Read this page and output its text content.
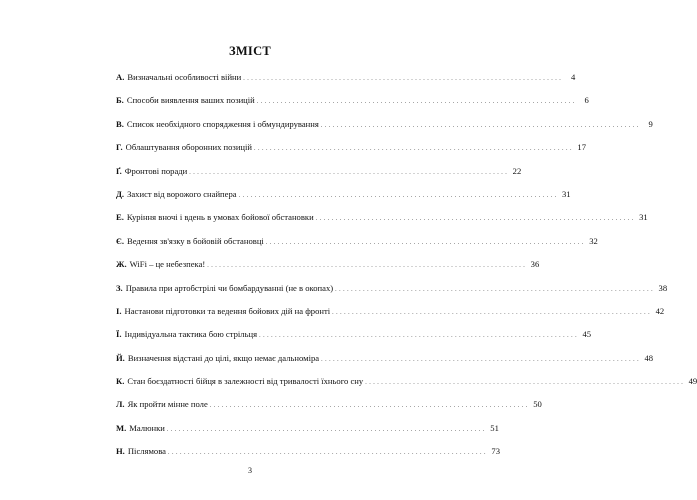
ЗМІСТ
А. Визначальні особливості війни . . . . . . . . . . . . . . . . . . . . . . . . . . . . . . . . . . . . . . . . . . . . . . . . . . . . . . . . . . . . . . . . . . . . . . . . . . . . . . . .	4
Б. Способи виявлення ваших позицій . . . . . . . . . . . . . . . . . . . . . . . . . . . . . . . . . . . . . . . . . . . . . . . . . . . . . . . . . . . . . . . . . . . . . . . . . . . . . . . .	6
В. Список необхідного спорядження і обмундирування . . . . . . . . . . . . . . . . . . . . . . . . . . . . . . . . . . . . . . . . . . . . . . . . . . . . . . . . . . . . . . . . . . . . . . . . . . . . . . . .	9
Г. Облаштування оборонних позицій . . . . . . . . . . . . . . . . . . . . . . . . . . . . . . . . . . . . . . . . . . . . . . . . . . . . . . . . . . . . . . . . . . . . . . . . . . . . . . . . 17
Ґ. Фронтові поради . . . . . . . . . . . . . . . . . . . . . . . . . . . . . . . . . . . . . . . . . . . . . . . . . . . . . . . . . . . . . . . . . . . . . . . . . . . . . . . . 22
Д. Захист від ворожого снайпера . . . . . . . . . . . . . . . . . . . . . . . . . . . . . . . . . . . . . . . . . . . . . . . . . . . . . . . . . . . . . . . . . . . . . . . . . . . . . . . . 31
Е. Куріння вночі і вдень в умовах бойової обстановки . . . . . . . . . . . . . . . . . . . . . . . . . . . . . . . . . . . . . . . . . . . . . . . . . . . . . . . . . . . . . . . . . . . . . . . . . . . . . . . . 31
Є. Ведення зв'язку в бойовій обстановці . . . . . . . . . . . . . . . . . . . . . . . . . . . . . . . . . . . . . . . . . . . . . . . . . . . . . . . . . . . . . . . . . . . . . . . . . . . . . . . . 32
Ж. WiFi – це небезпека! . . . . . . . . . . . . . . . . . . . . . . . . . . . . . . . . . . . . . . . . . . . . . . . . . . . . . . . . . . . . . . . . . . . . . . . . . . . . . . . . 36
З. Правила при артобстрілі чи бомбардуванні (не в окопах) . . . . . . . . . . . . . . . . . . . . . . . . . . . . . . . . . . . . . . . . . . . . . . . . . . . . . . . . . . . . . . . . . . . . . . . . . . . . . . . . 38
І. Настанови підготовки та ведення бойових дій на фронті . . . . . . . . . . . . . . . . . . . . . . . . . . . . . . . . . . . . . . . . . . . . . . . . . . . . . . . . . . . . . . . . . . . . . . . . . . . . . . . . 42
Ї. Індивідуальна тактика бою стрільця . . . . . . . . . . . . . . . . . . . . . . . . . . . . . . . . . . . . . . . . . . . . . . . . . . . . . . . . . . . . . . . . . . . . . . . . . . . . . . . . 45
Й. Визначення відстані до цілі, якщо немає дальноміра . . . . . . . . . . . . . . . . . . . . . . . . . . . . . . . . . . . . . . . . . . . . . . . . . . . . . . . . . . . . . . . . . . . . . . . . . . . . . . . . 48
К. Стан боєздатності бійця в залежності від тривалості їхнього сну . . . . . . . . . . . . . . . . . . . . . . . . . . . . . . . . . . . . . . . . . . . . . . . . . . . . . . . . . . . . . . . . . . . . . . . . . . . . . . . . 49
Л. Як пройти мінне поле . . . . . . . . . . . . . . . . . . . . . . . . . . . . . . . . . . . . . . . . . . . . . . . . . . . . . . . . . . . . . . . . . . . . . . . . . . . . . . . . 50
М. Малюнки . . . . . . . . . . . . . . . . . . . . . . . . . . . . . . . . . . . . . . . . . . . . . . . . . . . . . . . . . . . . . . . . . . . . . . . . . . . . . . . . 51
Н. Післямова . . . . . . . . . . . . . . . . . . . . . . . . . . . . . . . . . . . . . . . . . . . . . . . . . . . . . . . . . . . . . . . . . . . . . . . . . . . . . . . . 73
3
